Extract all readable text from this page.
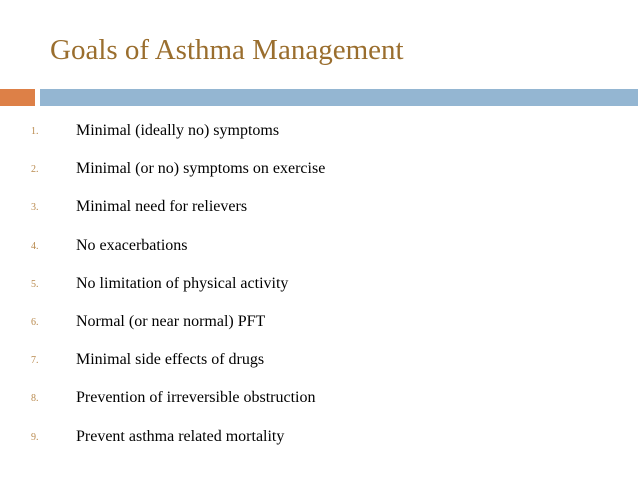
Goals of Asthma Management
1. Minimal (ideally no) symptoms
2. Minimal (or no) symptoms on exercise
3. Minimal need for relievers
4. No exacerbations
5. No limitation of physical activity
6. Normal (or near normal) PFT
7. Minimal side effects of drugs
8. Prevention of irreversible obstruction
9. Prevent asthma related mortality
